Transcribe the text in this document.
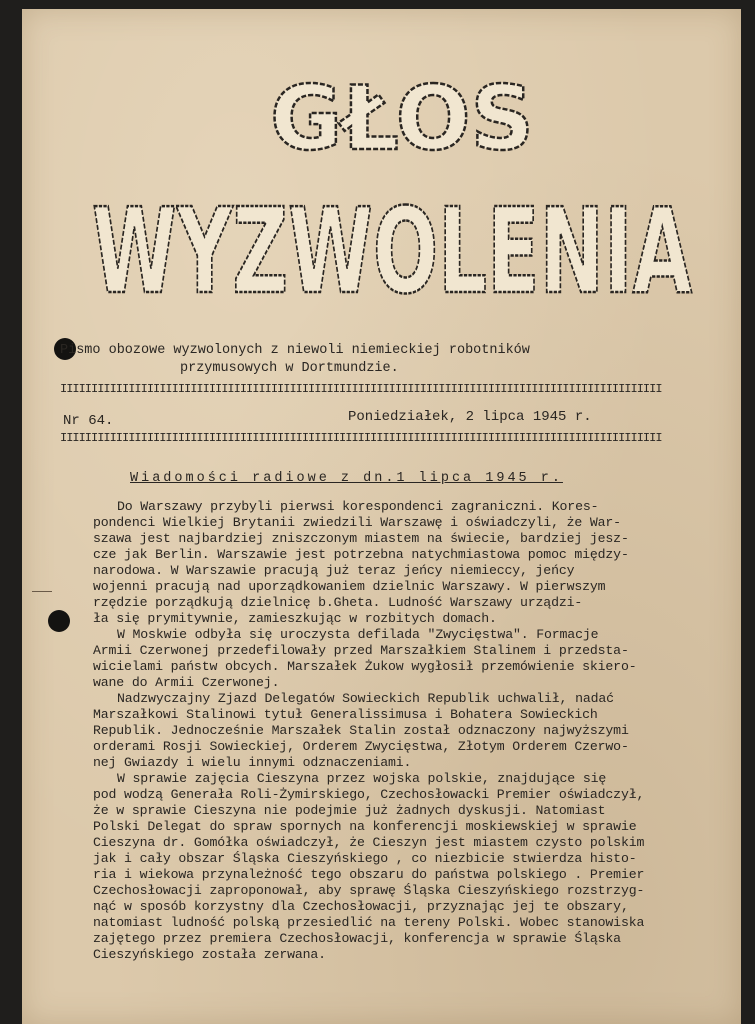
GŁOS
WYZWOLENIA
Pismo obozowe wyzwolonych z niewoli niemieckiej robotników
przymusowych w Dortmundzie.
IIIIIIIIIIIIIIIIIIIIIIIIIIIIIIIIIIIIIIIIIIIIIIIIIIIIIIIIIIIIIIIIIIIIIIIIIIIIIIIIIIIIIIIIIIIIIIIII
Nr 64.	Poniedziałek, 2 lipca 1945 r.
IIIIIIIIIIIIIIIIIIIIIIIIIIIIIIIIIIIIIIIIIIIIIIIIIIIIIIIIIIIIIIIIIIIIIIIIIIIIIIIIIIIIIIIIIIIIIIIII
Wiadomości radiowe z dn.1 lipca 1945 r.

Do Warszawy przybyli pierwsi korespondenci zagraniczni. Kores-
pondenci Wielkiej Brytanii zwiedzili Warszawę i oświadczyli, że War-
szawa jest najbardziej zniszczonym miastem na świecie, bardziej jesz-
cze jak Berlin. Warszawie jest potrzebna natychmiastowa pomoc między-
narodowa. W Warszawie pracują już teraz jeńcy niemieccy, jeńcy
wojenni pracują nad uporządkowaniem dzielnic Warszawy. W pierwszym
rzędzie porządkują dzielnicę b.Gheta. Ludność Warszawy urządzi-
ła się prymitywnie, zamieszkując w rozbitych domach.

W Moskwie odbyła się uroczysta defilada "Zwycięstwa". Formacje
Armii Czerwonej przedefilowały przed Marszałkiem Stalinem i przedsta-
wicielami państw obcych. Marszałek Żukow wygłosił przemówienie skiero-
wane do Armii Czerwonej.

Nadzwyczajny Zjazd Delegatów Sowieckich Republik uchwalił, nadać
Marszałkowi Stalinowi tytuł Generalissimusa i Bohatera Sowieckich
Republik. Jednocześnie Marszałek Stalin został odznaczony najwyższymi
orderami Rosji Sowieckiej, Orderem Zwycięstwa, Złotym Orderem Czerwo-
nej Gwiazdy i wielu innymi odznaczeniami.

W sprawie zajęcia Cieszyna przez wojska polskie, znajdujące się
pod wodzą Generała Roli-Żymirskiego, Czechosłowacki Premier oświadczył,
że w sprawie Cieszyna nie podejmie już żadnych dyskusji. Natomiast
Polski Delegat do spraw spornych na konferencji moskiewskiej w sprawie
Cieszyna dr. Gomółka oświadczył, że Cieszyn jest miastem czysto polskim
jak i cały obszar Śląska Cieszyńskiego , co niezbicie stwierdza histo-
ria i wiekowa przynależność tego obszaru do państwa polskiego . Premier
Czechosłowacji zaproponował, aby sprawę Śląska Cieszyńskiego rozstrzyg-
nąć w sposób korzystny dla Czechosłowacji, przyznając jej te obszary,
natomiast ludność polską przesiedlić na tereny Polski. Wobec stanowiska
zajętego przez premiera Czechosłowacji, konferencja w sprawie Śląska
Cieszyńskiego została zerwana.
